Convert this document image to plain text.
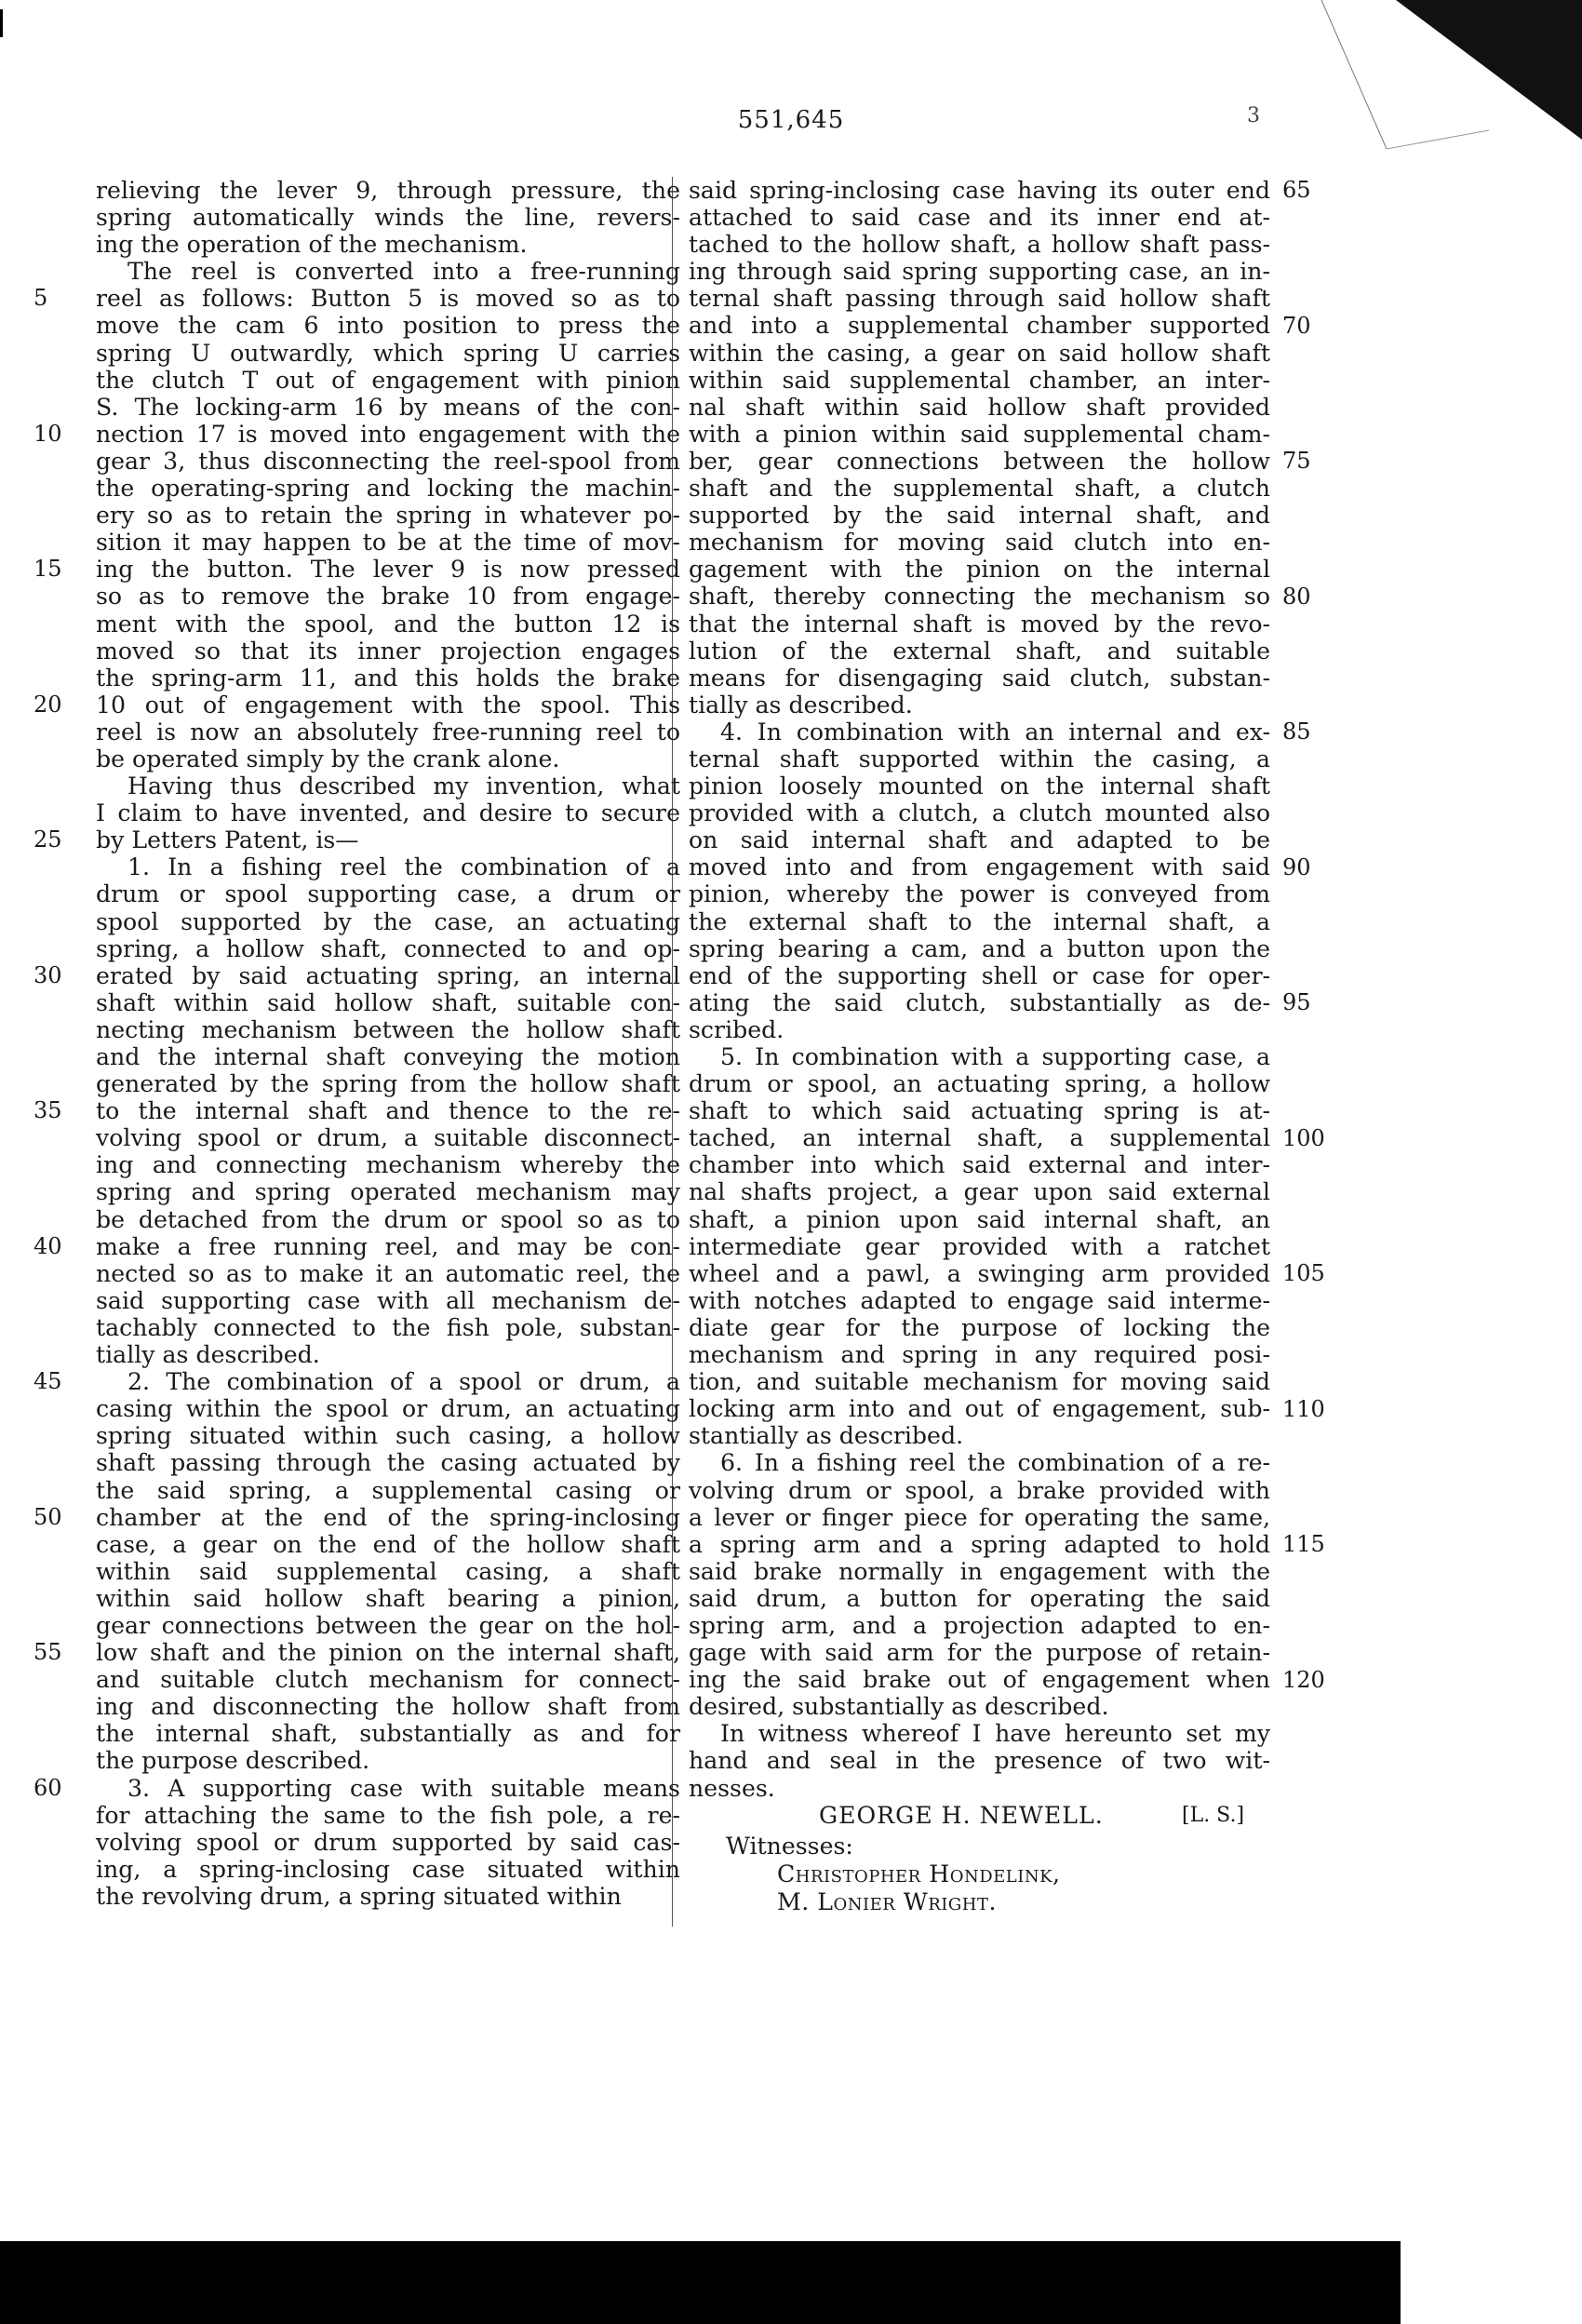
551,645	3
relieving the lever 9, through pressure, the
spring automatically winds the line, revers-
ing the operation of the mechanism.
The reel is converted into a free-running
reel as follows: Button 5 is moved so as to
move the cam 6 into position to press the
spring U outwardly, which spring U carries
the clutch T out of engagement with pinion
S. The locking-arm 16 by means of the con-
nection 17 is moved into engagement with the
gear 3, thus disconnecting the reel-spool from
the operating-spring and locking the machin-
ery so as to retain the spring in whatever po-
sition it may happen to be at the time of mov-
ing the button. The lever 9 is now pressed
so as to remove the brake 10 from engage-
ment with the spool, and the button 12 is
moved so that its inner projection engages
the spring-arm 11, and this holds the brake
10 out of engagement with the spool. This
reel is now an absolutely free-running reel to
be operated simply by the crank alone.
Having thus described my invention, what
I claim to have invented, and desire to secure
by Letters Patent, is—
1. In a fishing reel the combination of a
drum or spool supporting case, a drum or
spool supported by the case, an actuating
spring, a hollow shaft, connected to and op-
erated by said actuating spring, an internal
shaft within said hollow shaft, suitable con-
necting mechanism between the hollow shaft
and the internal shaft conveying the motion
generated by the spring from the hollow shaft
to the internal shaft and thence to the re-
volving spool or drum, a suitable disconnect-
ing and connecting mechanism whereby the
spring and spring operated mechanism may
be detached from the drum or spool so as to
make a free running reel, and may be con-
nected so as to make it an automatic reel, the
said supporting case with all mechanism de-
tachably connected to the fish pole, substan-
tially as described.
2. The combination of a spool or drum, a
casing within the spool or drum, an actuating
spring situated within such casing, a hollow
shaft passing through the casing actuated by
the said spring, a supplemental casing or
chamber at the end of the spring-inclosing
case, a gear on the end of the hollow shaft
within said supplemental casing, a shaft
within said hollow shaft bearing a pinion,
gear connections between the gear on the hol-
low shaft and the pinion on the internal shaft,
and suitable clutch mechanism for connect-
ing and disconnecting the hollow shaft from
the internal shaft, substantially as and for
the purpose described.
3. A supporting case with suitable means
for attaching the same to the fish pole, a re-
volving spool or drum supported by said cas-
ing, a spring-inclosing case situated within
the revolving drum, a spring situated within
5
10
15
20
25
30
35
40
45
50
55
60
said spring-inclosing case having its outer end
attached to said case and its inner end at-
tached to the hollow shaft, a hollow shaft pass-
ing through said spring supporting case, an in-
ternal shaft passing through said hollow shaft
and into a supplemental chamber supported
within the casing, a gear on said hollow shaft
within said supplemental chamber, an inter-
nal shaft within said hollow shaft provided
with a pinion within said supplemental cham-
ber, gear connections between the hollow
shaft and the supplemental shaft, a clutch
supported by the said internal shaft, and
mechanism for moving said clutch into en-
gagement with the pinion on the internal
shaft, thereby connecting the mechanism so
that the internal shaft is moved by the revo-
lution of the external shaft, and suitable
means for disengaging said clutch, substan-
tially as described.
4. In combination with an internal and ex-
ternal shaft supported within the casing, a
pinion loosely mounted on the internal shaft
provided with a clutch, a clutch mounted also
on said internal shaft and adapted to be
moved into and from engagement with said
pinion, whereby the power is conveyed from
the external shaft to the internal shaft, a
spring bearing a cam, and a button upon the
end of the supporting shell or case for oper-
ating the said clutch, substantially as de-
scribed.
5. In combination with a supporting case, a
drum or spool, an actuating spring, a hollow
shaft to which said actuating spring is at-
tached, an internal shaft, a supplemental
chamber into which said external and inter-
nal shafts project, a gear upon said external
shaft, a pinion upon said internal shaft, an
intermediate gear provided with a ratchet
wheel and a pawl, a swinging arm provided
with notches adapted to engage said interme-
diate gear for the purpose of locking the
mechanism and spring in any required posi-
tion, and suitable mechanism for moving said
locking arm into and out of engagement, sub-
stantially as described.
6. In a fishing reel the combination of a re-
volving drum or spool, a brake provided with
a lever or finger piece for operating the same,
a spring arm and a spring adapted to hold
said brake normally in engagement with the
said drum, a button for operating the said
spring arm, and a projection adapted to en-
gage with said arm for the purpose of retain-
ing the said brake out of engagement when
desired, substantially as described.
In witness whereof I have hereunto set my
hand and seal in the presence of two wit-
nesses.
GEORGE H. NEWELL.	[L. S.]
Witnesses:
Christopher Hondelink,
M. Lonier Wright.
65
70
75
80
85
90
95
100
105
110
115
120
